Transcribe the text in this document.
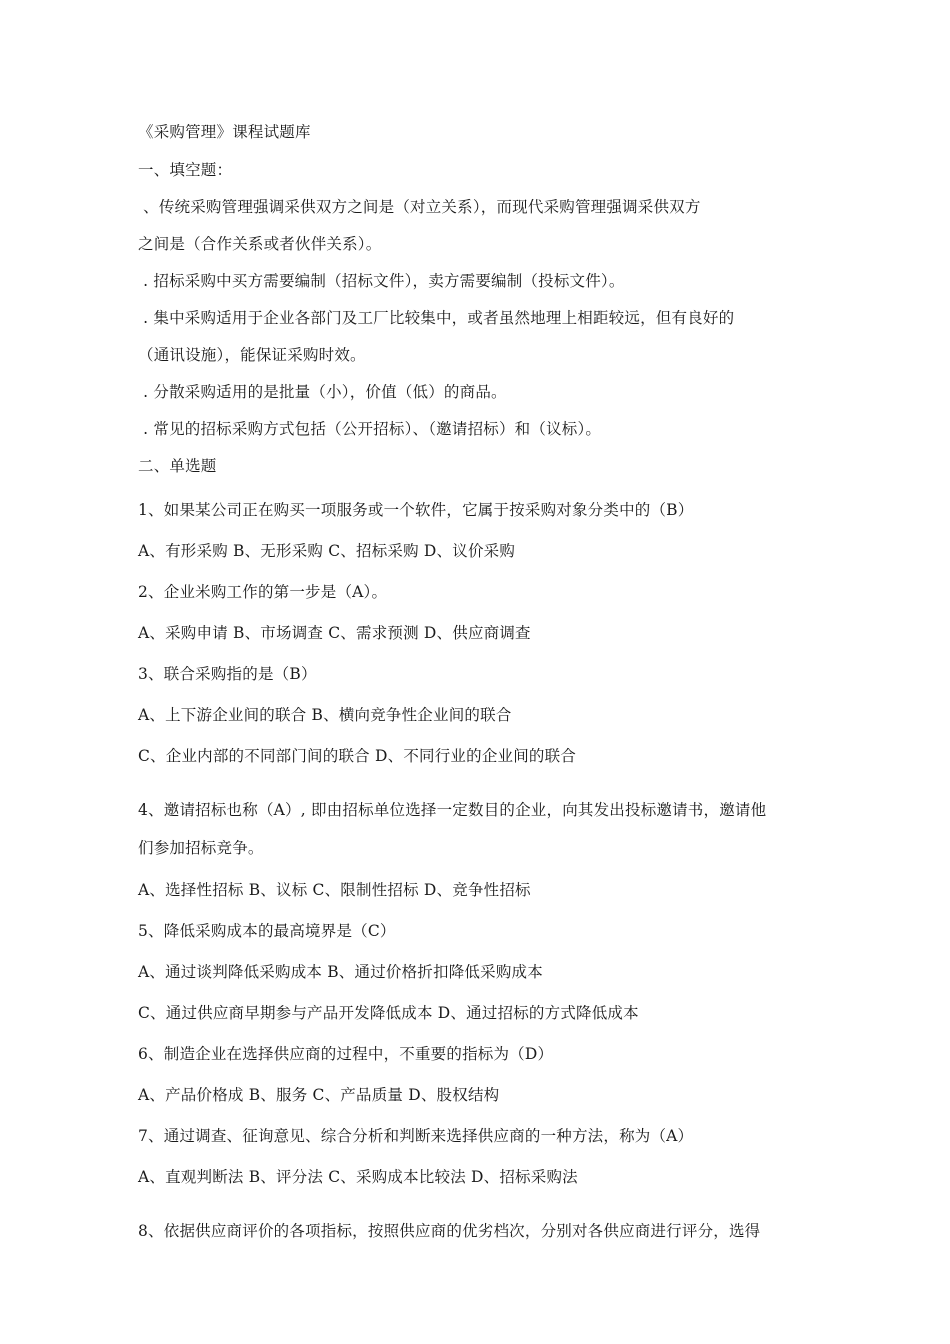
《采购管理》课程试题库
一、填空题：
、传统采购管理强调采供双方之间是（对立关系），而现代采购管理强调采供双方
之间是（合作关系或者伙伴关系）。
. 招标采购中买方需要编制（招标文件），卖方需要编制（投标文件）。
. 集中采购适用于企业各部门及工厂比较集中，或者虽然地理上相距较远，但有良好的
（通讯设施），能保证采购时效。
. 分散采购适用的是批量（小），价值（低）的商品。
. 常见的招标采购方式包括（公开招标）、（邀请招标）和（议标）。
二、单选题
1、如果某公司正在购买一项服务或一个软件，它属于按采购对象分类中的（B）
A、有形采购 B、无形采购 C、招标采购 D、议价采购
2、企业米购工作的第一步是（A）。
A、采购申请 B、市场调查 C、需求预测 D、供应商调查
3、联合采购指的是（B）
A、上下游企业间的联合 B、横向竞争性企业间的联合
C、企业内部的不同部门间的联合 D、不同行业的企业间的联合
4、邀请招标也称（A）, 即由招标单位选择一定数目的企业，向其发出投标邀请书，邀请他
们参加招标竞争。
A、选择性招标 B、议标 C、限制性招标 D、竞争性招标
5、降低采购成本的最高境界是（C）
A、通过谈判降低采购成本 B、通过价格折扣降低采购成本
C、通过供应商早期参与产品开发降低成本 D、通过招标的方式降低成本
6、制造企业在选择供应商的过程中，不重要的指标为（D）
A、产品价格成 B、服务 C、产品质量 D、股权结构
7、通过调查、征询意见、综合分析和判断来选择供应商的一种方法，称为（A）
A、直观判断法 B、评分法 C、采购成本比较法 D、招标采购法
8、依据供应商评价的各项指标，按照供应商的优劣档次，分别对各供应商进行评分，选得
